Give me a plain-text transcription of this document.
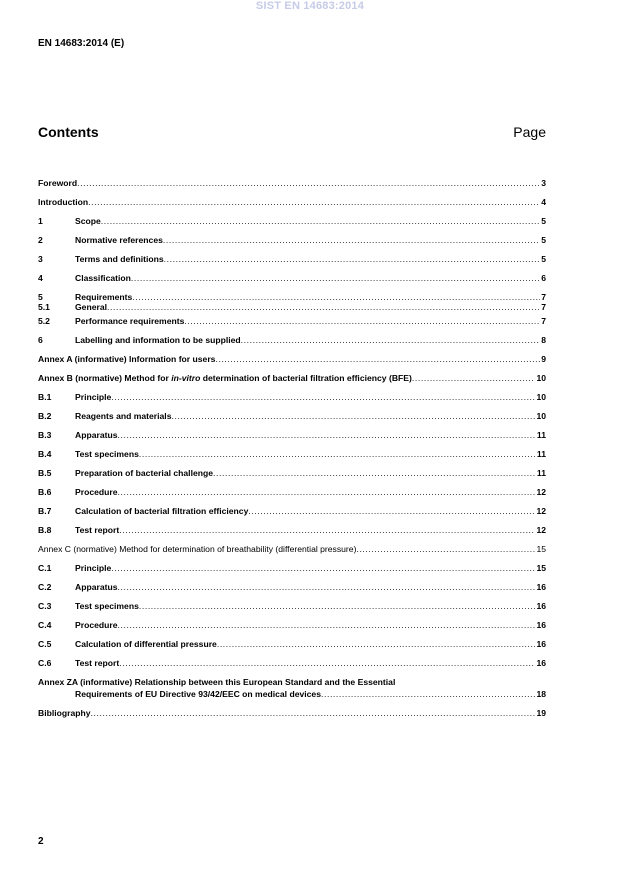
SIST EN 14683:2014
EN 14683:2014 (E)
Contents	Page
Foreword .....	3
Introduction .....	4
1	Scope .....	5
2	Normative references .....	5
3	Terms and definitions .....	5
4	Classification .....	6
5	Requirements .....	7
5.1	General .....	7
5.2	Performance requirements .....	7
6	Labelling and information to be supplied .....	8
Annex A (informative) Information for users .....	9
Annex B (normative) Method for in-vitro determination of bacterial filtration efficiency (BFE) .....	10
B.1	Principle .....	10
B.2	Reagents and materials .....	10
B.3	Apparatus .....	11
B.4	Test specimens .....	11
B.5	Preparation of bacterial challenge .....	11
B.6	Procedure .....	12
B.7	Calculation of bacterial filtration efficiency .....	12
B.8	Test report .....	12
Annex C (normative) Method for determination of breathability (differential pressure) .....	15
C.1	Principle .....	15
C.2	Apparatus .....	16
C.3	Test specimens .....	16
C.4	Procedure .....	16
C.5	Calculation of differential pressure .....	16
C.6	Test report .....	16
Annex ZA (informative) Relationship between this European Standard and the Essential
Requirements of EU Directive 93/42/EEC on medical devices .....	18
Bibliography .....	19
2
